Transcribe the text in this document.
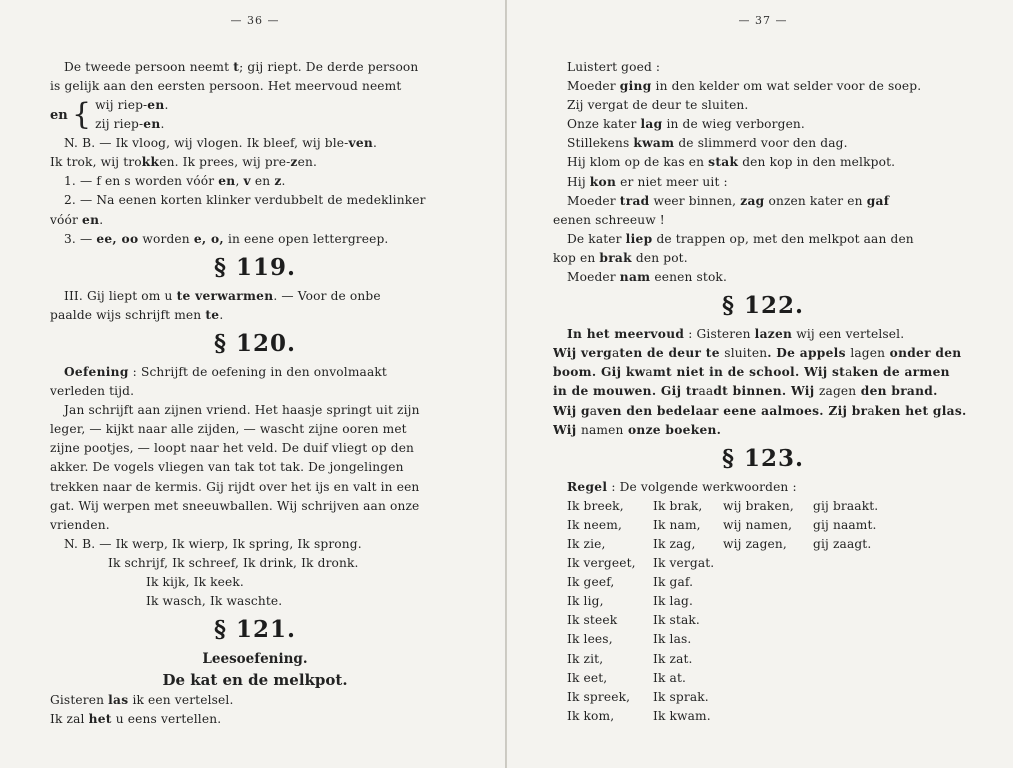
— 36 —
De tweede persoon neemt t; gij riept. De derde persoon
is gelijk aan den eersten persoon. Het meervoud neemt
en { wij riep-en.
zij riep-en.
N. B. — Ik vloog, wij vlogen. Ik bleef, wij ble-ven.
Ik trok, wij trokken. Ik prees, wij pre-zen.
1. — f en s worden vóór en, v en z.
2. — Na eenen korten klinker verdubbelt de medeklinker
vóór en.
3. — ee, oo worden e, o, in eene open lettergreep.
§ 119.
III. Gij liept om u te verwarmen. — Voor de onbe
paalde wijs schrijft men te.
§ 120.
Oefening : Schrijft de oefening in den onvolmaakt
verleden tijd.
Jan schrijft aan zijnen vriend. Het haasje springt uit zijn
leger, — kijkt naar alle zijden, — wascht zijne ooren met
zijne pootjes, — loopt naar het veld. De duif vliegt op den
akker. De vogels vliegen van tak tot tak. De jongelingen
trekken naar de kermis. Gij rijdt over het ijs en valt in een
gat. Wij werpen met sneeuwballen. Wij schrijven aan onze
vrienden.
N. B. — Ik werp, Ik wierp, Ik spring, Ik sprong.
Ik schrijf, Ik schreef, Ik drink, Ik dronk.
Ik kijk, Ik keek.
Ik wasch, Ik waschte.
§ 121.
Leesoefening.
De kat en de melkpot.
Gisteren las ik een vertelsel.
Ik zal het u eens vertellen.
— 37 —
Luistert goed :
Moeder ging in den kelder om wat selder voor de soep.
Zij vergat de deur te sluiten.
Onze kater lag in de wieg verborgen.
Stillekens kwam de slimmerd voor den dag.
Hij klom op de kas en stak den kop in den melkpot.
Hij kon er niet meer uit :
Moeder trad weer binnen, zag onzen kater en gaf
eenen schreeuw !
De kater liep de trappen op, met den melkpot aan den
kop en brak den pot.
Moeder nam eenen stok.
§ 122.
In het meervoud : Gisteren lazen wij een vertelsel.
Wij vergaten de deur te sluiten. De appels lagen onder den
boom. Gij kwamt niet in de school. Wij staken de armen
in de mouwen. Gij traadt binnen. Wij zagen den brand.
Wij gaven den bedelaar eene aalmoes. Zij braken het glas.
Wij namen onze boeken.
§ 123.
Regel : De volgende werkwoorden :
Ik breek, Ik brak, wij braken, gij braakt.
Ik neem,	Ik nam, wij namen, gij naamt.
Ik zie,	Ik zag, wij zagen, gij zaagt.
Ik vergeet, Ik vergat.
Ik geef,	Ik gaf.
Ik lig,	Ik lag.
Ik steek	Ik stak.
Ik lees,	Ik las.
Ik zit,	Ik zat.
Ik eet,	Ik at.
Ik spreek, Ik sprak.
Ik kom,	Ik kwam.
